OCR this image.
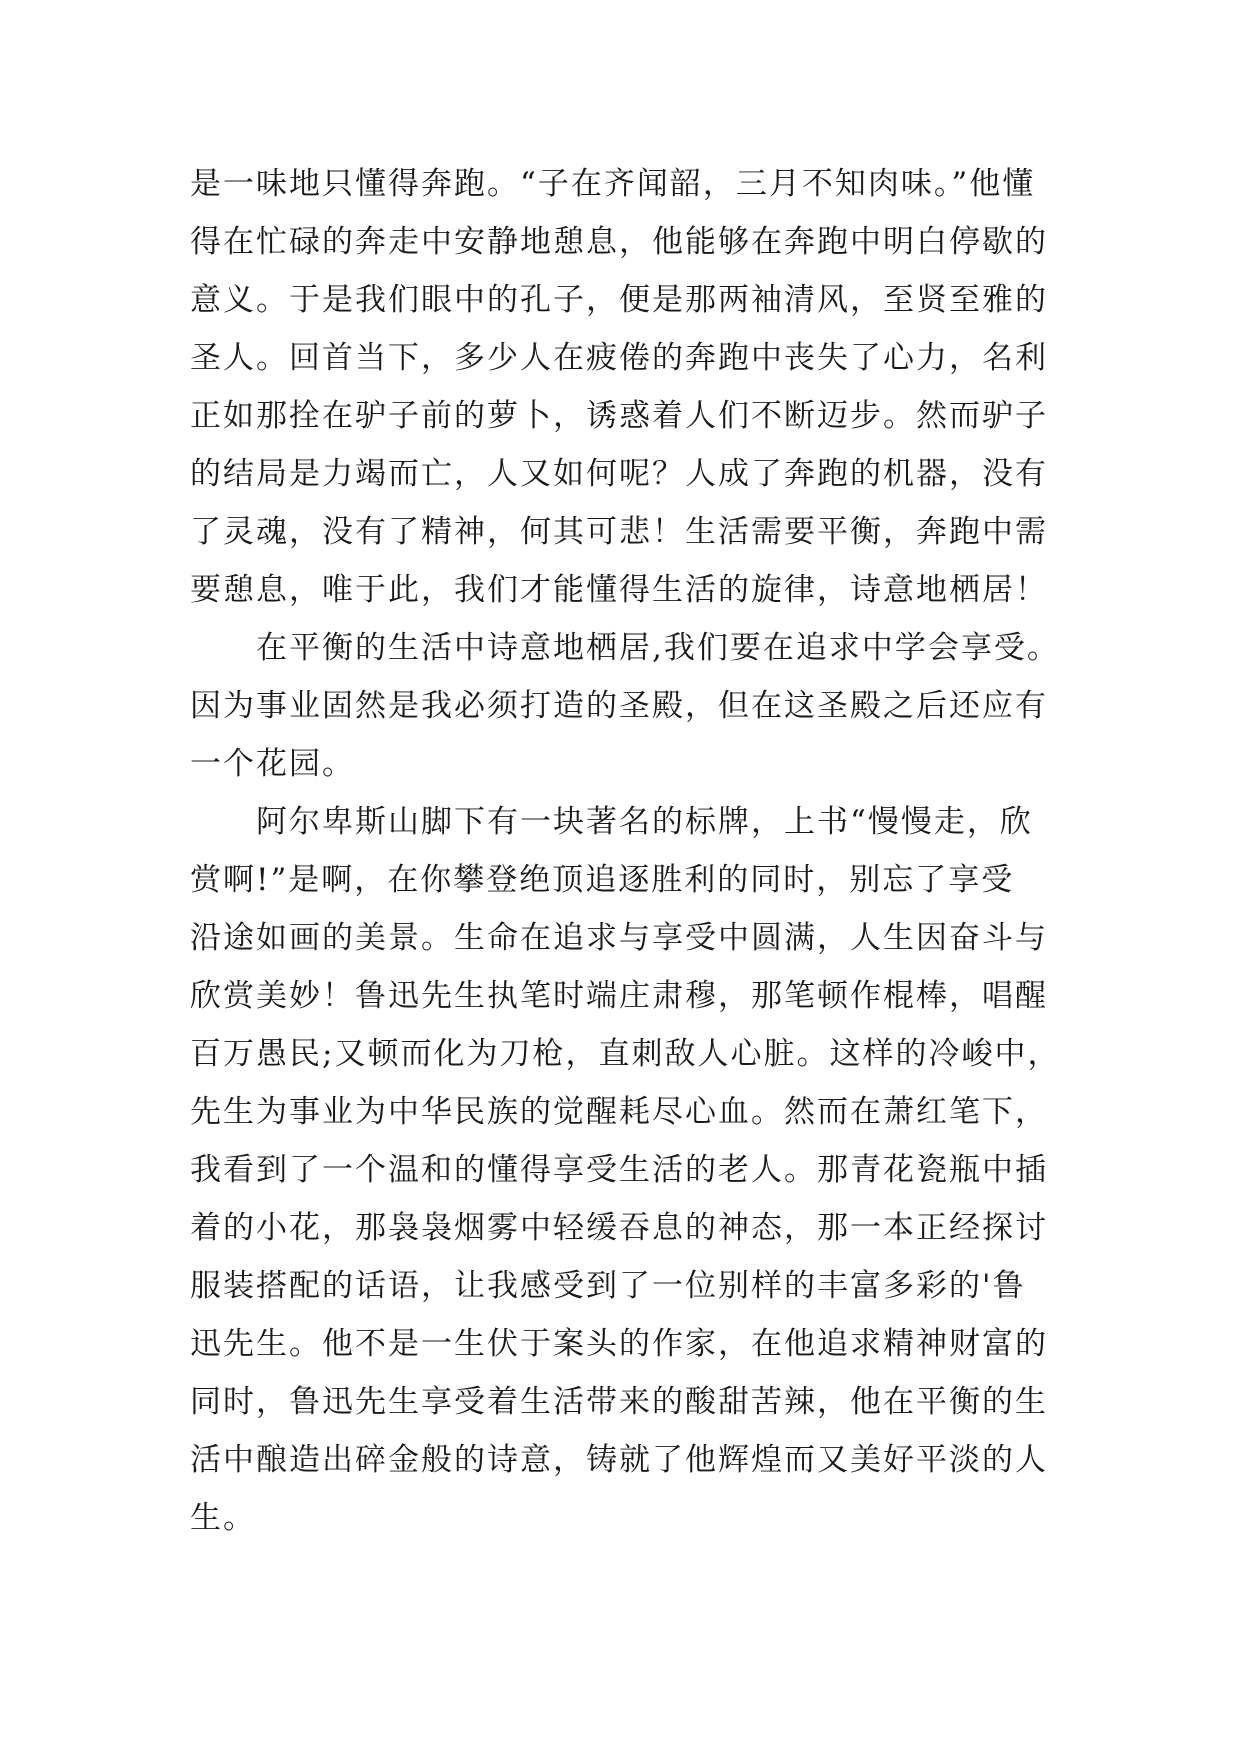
是一味地只懂得奔跑。“子在齐闻韶，三月不知肉味。”他懂
得在忙碌的奔走中安静地憩息，他能够在奔跑中明白停歇的
意义。于是我们眼中的孔子，便是那两袖清风，至贤至雅的
圣人。回首当下，多少人在疲倦的奔跑中丧失了心力，名利
正如那拴在驴子前的萝卜，诱惑着人们不断迈步。然而驴子
的结局是力竭而亡，人又如何呢？人成了奔跑的机器，没有
了灵魂，没有了精神，何其可悲！生活需要平衡，奔跑中需
要憩息，唯于此，我们才能懂得生活的旋律，诗意地栖居！
　　在平衡的生活中诗意地栖居,我们要在追求中学会享受。
因为事业固然是我必须打造的圣殿，但在这圣殿之后还应有
一个花园。
　　阿尔卑斯山脚下有一块著名的标牌，上书“慢慢走，欣
赏啊!”是啊，在你攀登绝顶追逐胜利的同时，别忘了享受
沿途如画的美景。生命在追求与享受中圆满，人生因奋斗与
欣赏美妙！鲁迅先生执笔时端庄肃穆，那笔顿作棍棒，唱醒
百万愚民;又顿而化为刀枪，直刺敌人心脏。这样的冷峻中，
先生为事业为中华民族的觉醒耗尽心血。然而在萧红笔下，
我看到了一个温和的懂得享受生活的老人。那青花瓷瓶中插
着的小花，那袅袅烟雾中轻缓吞息的神态，那一本正经探讨
服装搭配的话语，让我感受到了一位别样的丰富多彩的'鲁
迅先生。他不是一生伏于案头的作家，在他追求精神财富的
同时，鲁迅先生享受着生活带来的酸甜苦辣，他在平衡的生
活中酿造出碎金般的诗意，铸就了他辉煌而又美好平淡的人
生。
